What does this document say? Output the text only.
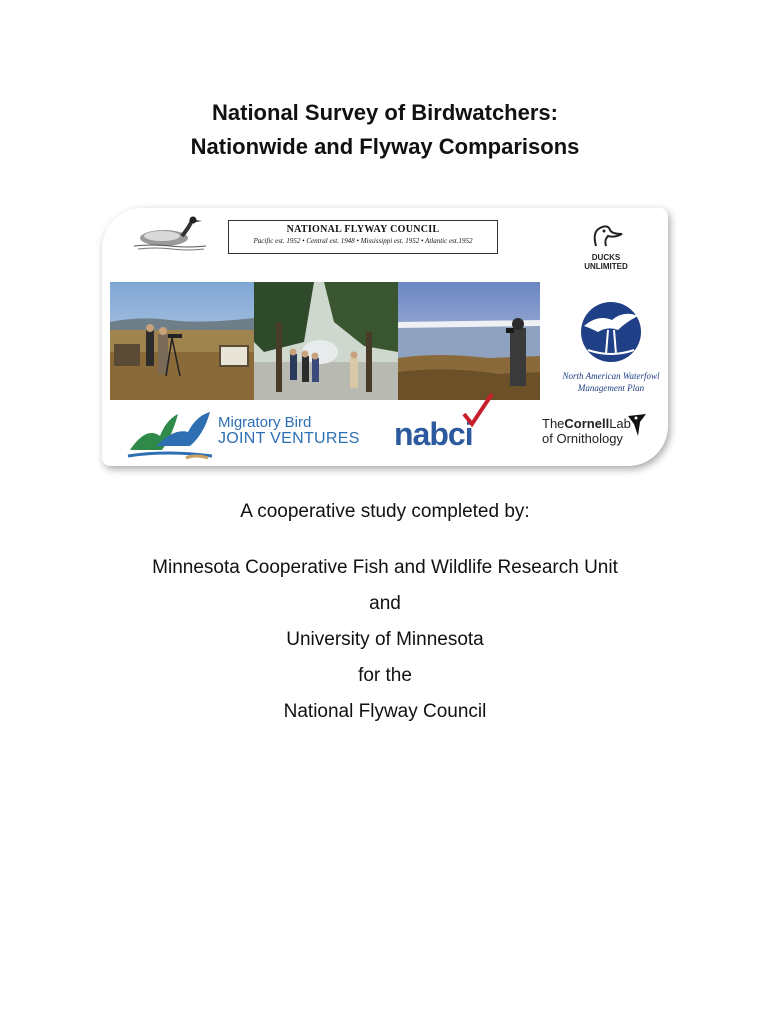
National Survey of Birdwatchers:
Nationwide and Flyway Comparisons
NATIONAL FLYWAY COUNCIL
Pacific est. 1952 • Central est. 1948 • Mississippi est. 1952 • Atlantic est.1952
DUCKS
UNLIMITED
North American Waterfowl
Management Plan
Migratory Bird
JOINT VENTURES nabci	TheCornellLab
of Ornithology
A cooperative study completed by:
Minnesota Cooperative Fish and Wildlife Research Unit
and
University of Minnesota
for the
National Flyway Council
